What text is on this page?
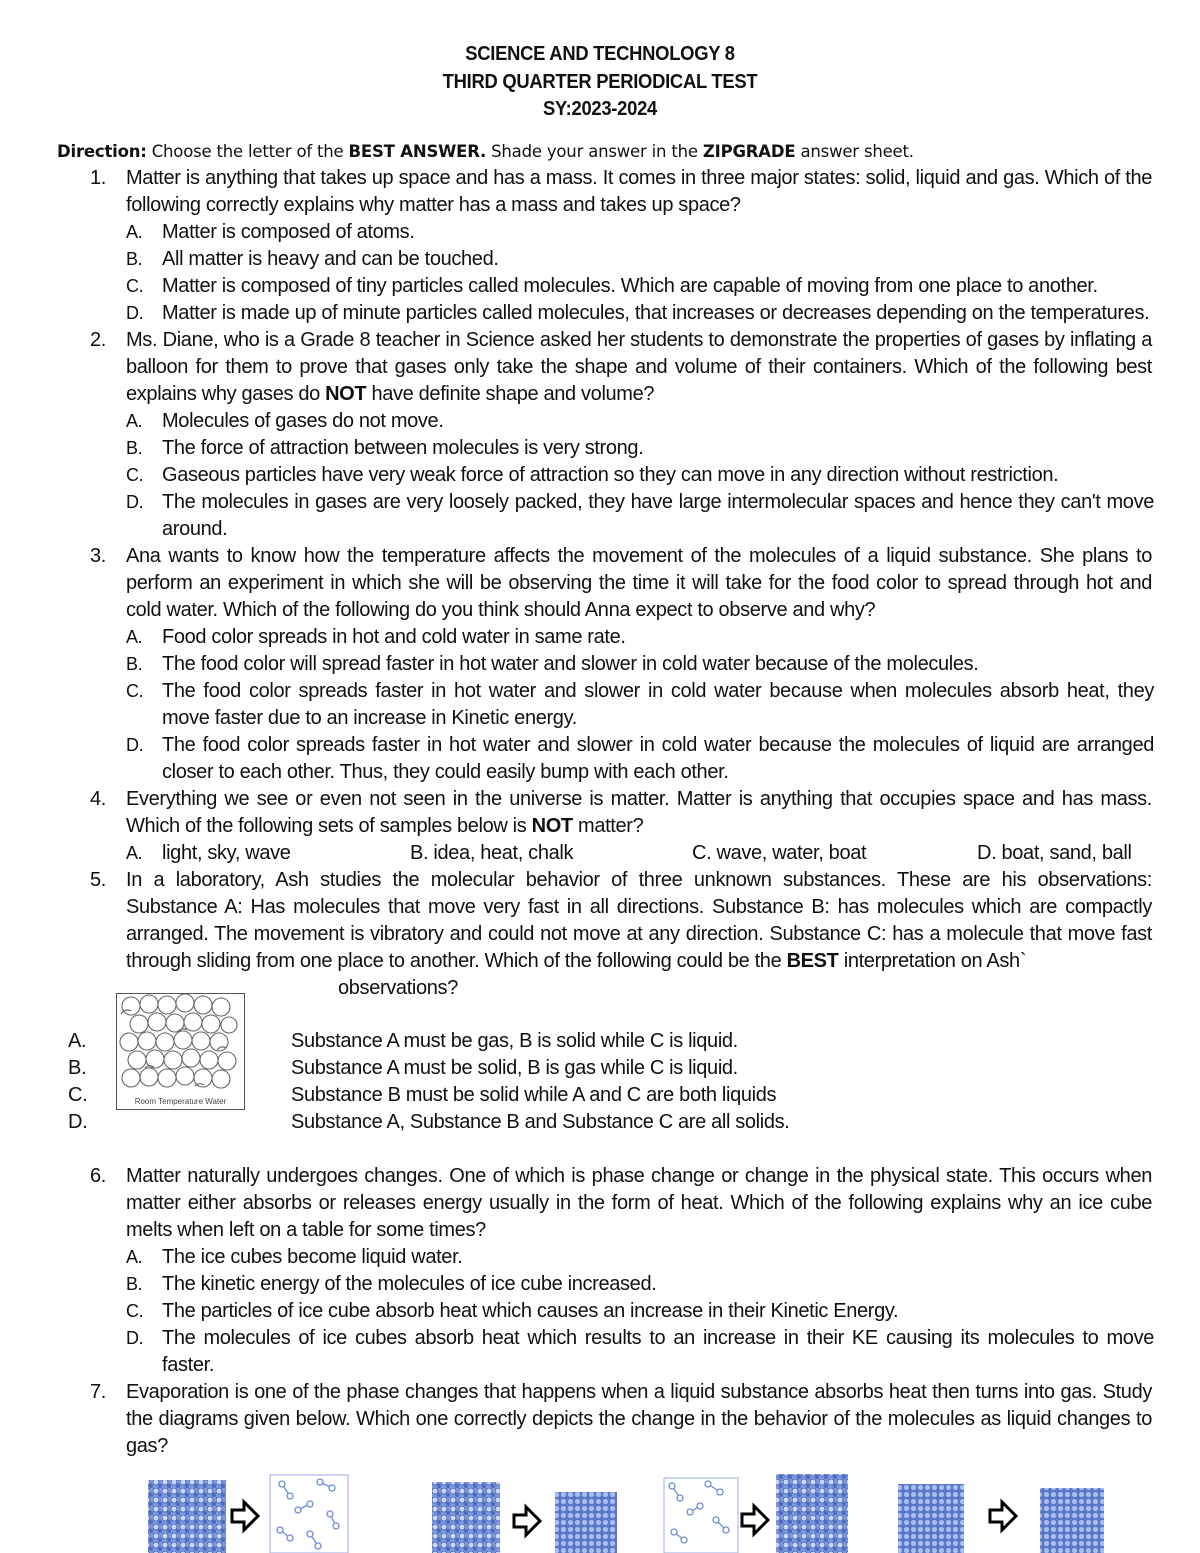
SCIENCE AND TECHNOLOGY 8
THIRD QUARTER PERIODICAL TEST
SY:2023-2024
Direction: Choose the letter of the BEST ANSWER. Shade your answer in the ZIPGRADE answer sheet.
1.	Matter is anything that takes up space and has a mass. It comes in three major states: solid, liquid and gas. Which of the following correctly explains why matter has a mass and takes up space?
A. Matter is composed of atoms.
B. All matter is heavy and can be touched.
C. Matter is composed of tiny particles called molecules. Which are capable of moving from one place to another.
D. Matter is made up of minute particles called molecules, that increases or decreases depending on the temperatures.
2.	Ms. Diane, who is a Grade 8 teacher in Science asked her students to demonstrate the properties of gases by inflating a balloon for them to prove that gases only take the shape and volume of their containers. Which of the following best explains why gases do NOT have definite shape and volume?
A. Molecules of gases do not move.
B. The force of attraction between molecules is very strong.
C. Gaseous particles have very weak force of attraction so they can move in any direction without restriction.
D. The molecules in gases are very loosely packed, they have large intermolecular spaces and hence they can't move around.
3.	Ana wants to know how the temperature affects the movement of the molecules of a liquid substance. She plans to perform an experiment in which she will be observing the time it will take for the food color to spread through hot and cold water. Which of the following do you think should Anna expect to observe and why?
A. Food color spreads in hot and cold water in same rate.
B. The food color will spread faster in hot water and slower in cold water because of the molecules.
C. The food color spreads faster in hot water and slower in cold water because when molecules absorb heat, they move faster due to an increase in Kinetic energy.
D. The food color spreads faster in hot water and slower in cold water because the molecules of liquid are arranged closer to each other. Thus, they could easily bump with each other.
4.	Everything we see or even not seen in the universe is matter. Matter is anything that occupies space and has mass. Which of the following sets of samples below is NOT matter?
A. light, sky, wave	B. idea, heat, chalk	C. wave, water, boat	D. boat, sand, ball
5.	In a laboratory, Ash studies the molecular behavior of three unknown substances. These are his observations: Substance A: Has molecules that move very fast in all directions. Substance B: has molecules which are compactly arranged. The movement is vibratory and could not move at any direction. Substance C: has a molecule that move fast through sliding from one place to another. Which of the following could be the BEST interpretation on Ash`
observations?
Room Temperature Water
A.
B.
C.
D.
Substance A must be gas, B is solid while C is liquid.
Substance A must be solid, B is gas while C is liquid.
Substance B must be solid while A and C are both liquids
Substance A, Substance B and Substance C are all solids.
6.	Matter naturally undergoes changes. One of which is phase change or change in the physical state. This occurs when matter either absorbs or releases energy usually in the form of heat. Which of the following explains why an ice cube melts when left on a table for some times?
A. The ice cubes become liquid water.
B. The kinetic energy of the molecules of ice cube increased.
C. The particles of ice cube absorb heat which causes an increase in their Kinetic Energy.
D. The molecules of ice cubes absorb heat which results to an increase in their KE causing its molecules to move faster.
7.	Evaporation is one of the phase changes that happens when a liquid substance absorbs heat then turns into gas. Study the diagrams given below. Which one correctly depicts the change in the behavior of the molecules as liquid changes to gas?
